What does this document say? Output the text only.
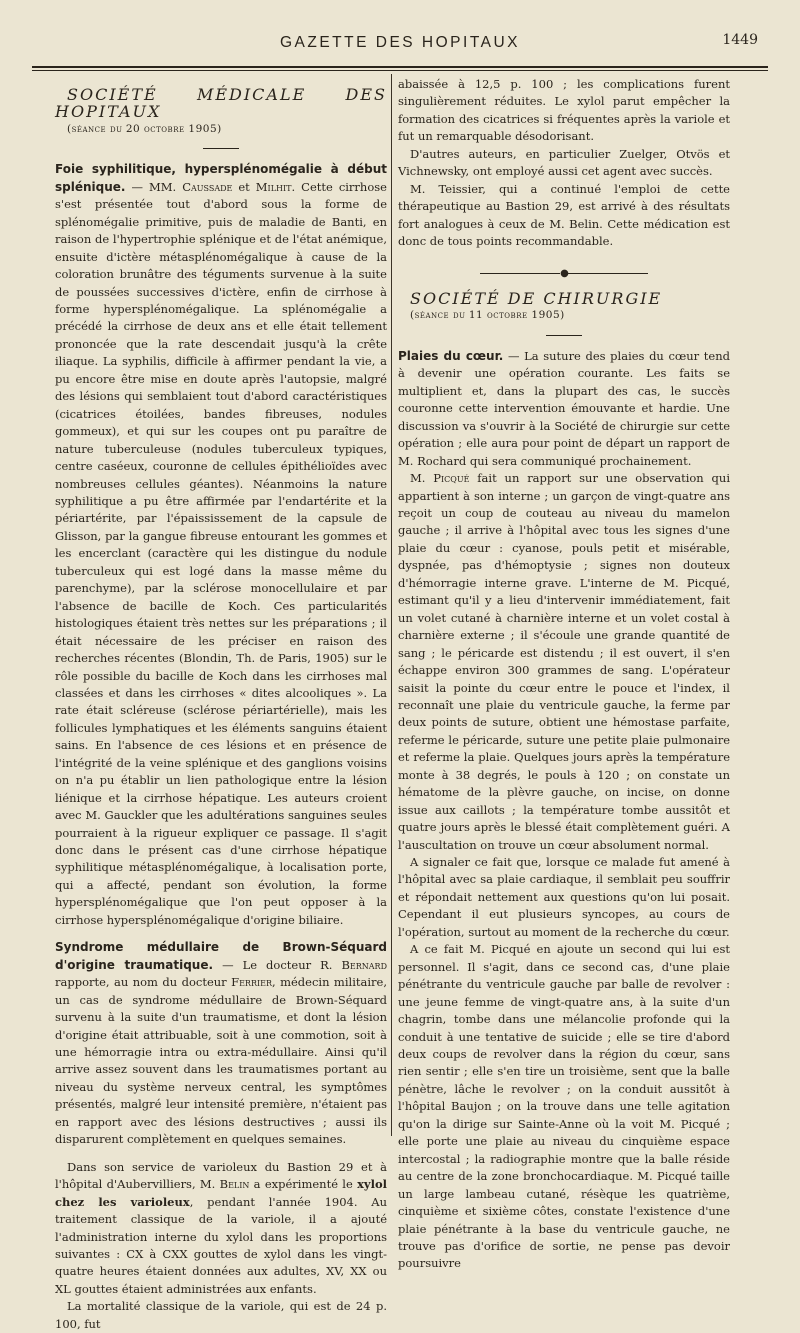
GAZETTE DES HOPITAUX	1449

SOCIÉTÉ MÉDICALE DES HOPITAUX

(séance du 20 octobre 1905)

Foie syphilitique, hypersplénomégalie à début splénique. — MM. Caussade et Milhit. Cette cirrhose s'est présentée tout d'abord sous la forme de splénomégalie primitive, puis de maladie de Banti, en raison de l'hypertrophie splénique et de l'état anémique, ensuite d'ictère métasplénomégalique à cause de la coloration brunâtre des téguments survenue à la suite de poussées successives d'ictère, enfin de cirrhose à forme hypersplénomégalique. La splénomégalie a précédé la cirrhose de deux ans et elle était tellement prononcée que la rate descendait jusqu'à la crête iliaque. La syphilis, difficile à affirmer pendant la vie, a pu encore être mise en doute après l'autopsie, malgré des lésions qui semblaient tout d'abord caractéristiques (cicatrices étoilées, bandes fibreuses, nodules gommeux), et qui sur les coupes ont pu paraître de nature tuberculeuse (nodules tuberculeux typiques, centre caséeux, couronne de cellules épithélioïdes avec nombreuses cellules géantes). Néanmoins la nature syphilitique a pu être affirmée par l'endartérite et la périartérite, par l'épaississement de la capsule de Glisson, par la gangue fibreuse entourant les gommes et les encerclant (caractère qui les distingue du nodule tuberculeux qui est logé dans la masse même du parenchyme), par la sclérose monocellulaire et par l'absence de bacille de Koch. Ces particularités histologiques étaient très nettes sur les préparations ; il était nécessaire de les préciser en raison des recherches récentes (Blondin, Th. de Paris, 1905) sur le rôle possible du bacille de Koch dans les cirrhoses mal classées et dans les cirrhoses « dites alcooliques ». La rate était scléreuse (sclérose périartérielle), mais les follicules lymphatiques et les éléments sanguins étaient sains. En l'absence de ces lésions et en présence de l'intégrité de la veine splénique et des ganglions voisins on n'a pu établir un lien pathologique entre la lésion liénique et la cirrhose hépatique. Les auteurs croient avec M. Gauckler que les adultérations sanguines seules pourraient à la rigueur expliquer ce passage. Il s'agit donc dans le présent cas d'une cirrhose hépatique syphilitique métasplénomégalique, à localisation porte, qui a affecté, pendant son évolution, la forme hypersplénomégalique que l'on peut opposer à la cirrhose hypersplénomégalique d'origine biliaire.

Syndrome médullaire de Brown-Séquard d'origine traumatique. — Le docteur R. Bernard rapporte, au nom du docteur Ferrier, médecin militaire, un cas de syndrome médullaire de Brown-Séquard survenu à la suite d'un traumatisme, et dont la lésion d'origine était attribuable, soit à une commotion, soit à une hémorragie intra ou extra-médullaire. Ainsi qu'il arrive assez souvent dans les traumatismes portant au niveau du système nerveux central, les symptômes présentés, malgré leur intensité première, n'étaient pas en rapport avec des lésions destructives ; aussi ils disparurent complètement en quelques semaines.

Dans son service de varioleux du Bastion 29 et à l'hôpital d'Aubervilliers, M. Belin a expérimenté le xylol chez les varioleux, pendant l'année 1904. Au traitement classique de la variole, il a ajouté l'administration interne du xylol dans les proportions suivantes : CX à CXX gouttes de xylol dans les vingt-quatre heures étaient données aux adultes, XV, XX ou XL gouttes étaient administrées aux enfants.

La mortalité classique de la variole, qui est de 24 p. 100, fut

abaissée à 12,5 p. 100 ; les complications furent singulièrement réduites. Le xylol parut empêcher la formation des cicatrices si fréquentes après la variole et fut un remarquable désodorisant.

D'autres auteurs, en particulier Zuelger, Otvös et Vichnewsky, ont employé aussi cet agent avec succès.

M. Teissier, qui a continué l'emploi de cette thérapeutique au Bastion 29, est arrivé à des résultats fort analogues à ceux de M. Belin. Cette médication est donc de tous points recommandable.

●

SOCIÉTÉ DE CHIRURGIE

(séance du 11 octobre 1905)

Plaies du cœur. — La suture des plaies du cœur tend à devenir une opération courante. Les faits se multiplient et, dans la plupart des cas, le succès couronne cette intervention émouvante et hardie. Une discussion va s'ouvrir à la Société de chirurgie sur cette opération ; elle aura pour point de départ un rapport de M. Rochard qui sera communiqué prochainement.

M. Picqué fait un rapport sur une observation qui appartient à son interne ; un garçon de vingt-quatre ans reçoit un coup de couteau au niveau du mamelon gauche ; il arrive à l'hôpital avec tous les signes d'une plaie du cœur : cyanose, pouls petit et misérable, dyspnée, pas d'hémoptysie ; signes non douteux d'hémorragie interne grave. L'interne de M. Picqué, estimant qu'il y a lieu d'intervenir immédiatement, fait un volet cutané à charnière interne et un volet costal à charnière externe ; il s'écoule une grande quantité de sang ; le péricarde est distendu ; il est ouvert, il s'en échappe environ 300 grammes de sang. L'opérateur saisit la pointe du cœur entre le pouce et l'index, il reconnaît une plaie du ventricule gauche, la ferme par deux points de suture, obtient une hémostase parfaite, referme le péricarde, suture une petite plaie pulmonaire et referme la plaie. Quelques jours après la température monte à 38 degrés, le pouls à 120 ; on constate un hématome de la plèvre gauche, on incise, on donne issue aux caillots ; la température tombe aussitôt et quatre jours après le blessé était complètement guéri. A l'auscultation on trouve un cœur absolument normal.

A signaler ce fait que, lorsque ce malade fut amené à l'hôpital avec sa plaie cardiaque, il semblait peu souffrir et répondait nettement aux questions qu'on lui posait. Cependant il eut plusieurs syncopes, au cours de l'opération, surtout au moment de la recherche du cœur.

A ce fait M. Picqué en ajoute un second qui lui est personnel. Il s'agit, dans ce second cas, d'une plaie pénétrante du ventricule gauche par balle de revolver : une jeune femme de vingt-quatre ans, à la suite d'un chagrin, tombe dans une mélancolie profonde qui la conduit à une tentative de suicide ; elle se tire d'abord deux coups de revolver dans la région du cœur, sans rien sentir ; elle s'en tire un troisième, sent que la balle pénètre, lâche le revolver ; on la conduit aussitôt à l'hôpital Baujon ; on la trouve dans une telle agitation qu'on la dirige sur Sainte-Anne où la voit M. Picqué ; elle porte une plaie au niveau du cinquième espace intercostal ; la radiographie montre que la balle réside au centre de la zone bronchocardiaque. M. Picqué taille un large lambeau cutané, résèque les quatrième, cinquième et sixième côtes, constate l'existence d'une plaie pénétrante à la base du ventricule gauche, ne trouve pas d'orifice de sortie, ne pense pas devoir poursuivre
